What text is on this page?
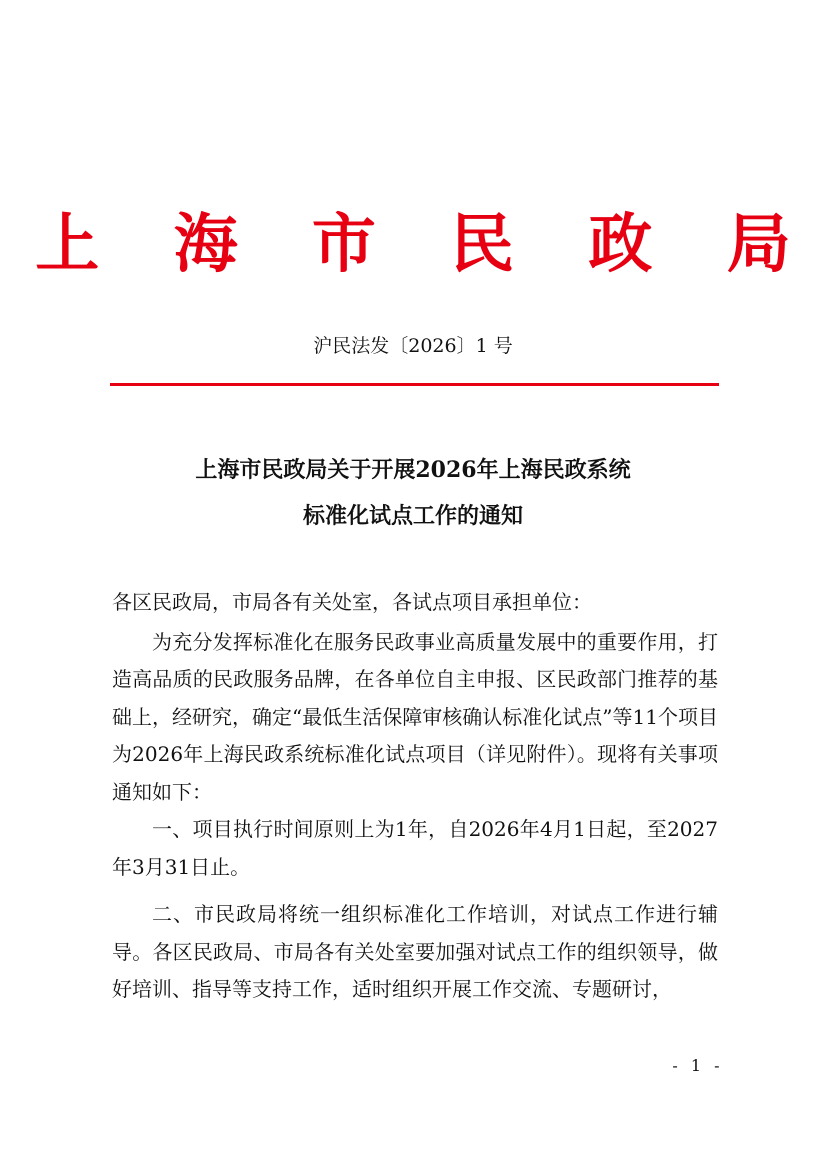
上 海 市 民 政 局
沪民法发〔2026〕1 号
上海市民政局关于开展2026年上海民政系统
标准化试点工作的通知

各区民政局，市局各有关处室，各试点项目承担单位：

为充分发挥标准化在服务民政事业高质量发展中的重要作用，打造高品质的民政服务品牌，在各单位自主申报、区民政部门推荐的基础上，经研究，确定“最低生活保障审核确认标准化试点”等11个项目为2026年上海民政系统标准化试点项目（详见附件）。现将有关事项通知如下：

一、项目执行时间原则上为1年，自2026年4月1日起，至2027年3月31日止。

二、市民政局将统一组织标准化工作培训，对试点工作进行辅导。各区民政局、市局各有关处室要加强对试点工作的组织领导，做好培训、指导等支持工作，适时组织开展工作交流、专题研讨，

- 1 -
